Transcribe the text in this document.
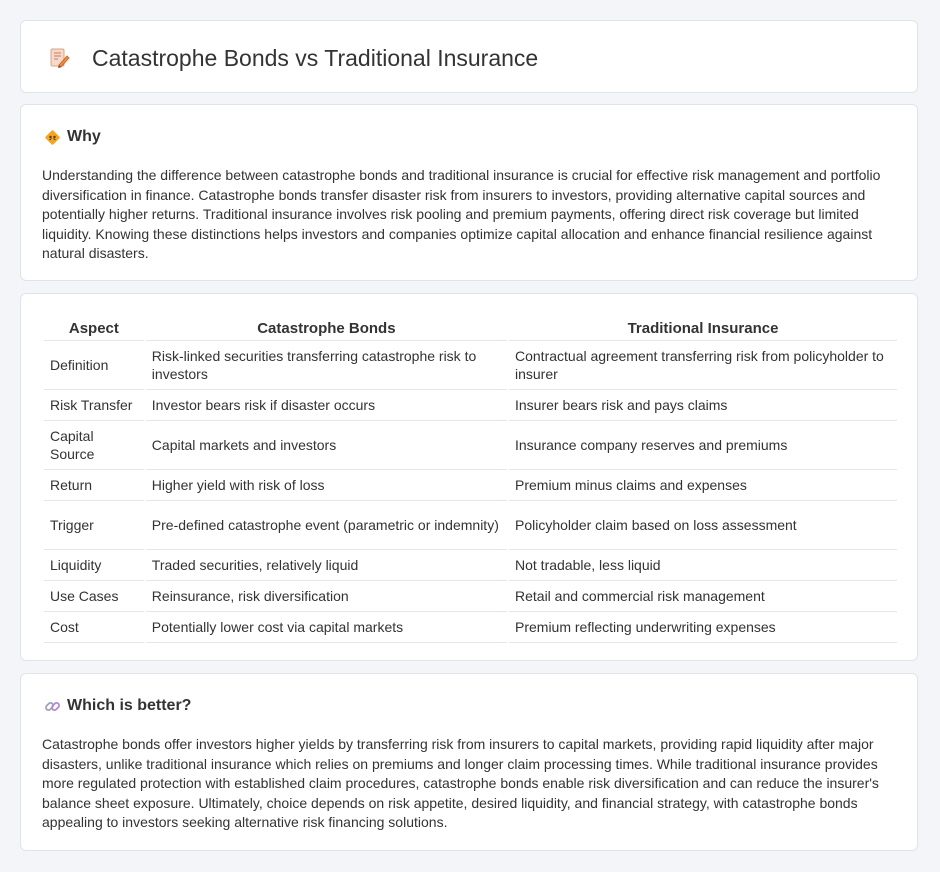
Catastrophe Bonds vs Traditional Insurance
Why

Understanding the difference between catastrophe bonds and traditional insurance is crucial for effective risk management and portfolio diversification in finance. Catastrophe bonds transfer disaster risk from insurers to investors, providing alternative capital sources and potentially higher returns. Traditional insurance involves risk pooling and premium payments, offering direct risk coverage but limited liquidity. Knowing these distinctions helps investors and companies optimize capital allocation and enhance financial resilience against natural disasters.

Aspect	Catastrophe Bonds	Traditional Insurance
Definition	Risk-linked securities transferring catastrophe risk to investors	Contractual agreement transferring risk from policyholder to insurer
Risk Transfer	Investor bears risk if disaster occurs	Insurer bears risk and pays claims
Capital Source	Capital markets and investors	Insurance company reserves and premiums
Return	Higher yield with risk of loss	Premium minus claims and expenses
Trigger	Pre-defined catastrophe event (parametric or indemnity)	Policyholder claim based on loss assessment
Liquidity	Traded securities, relatively liquid	Not tradable, less liquid
Use Cases	Reinsurance, risk diversification	Retail and commercial risk management
Cost	Potentially lower cost via capital markets	Premium reflecting underwriting expenses
Which is better?

Catastrophe bonds offer investors higher yields by transferring risk from insurers to capital markets, providing rapid liquidity after major disasters, unlike traditional insurance which relies on premiums and longer claim processing times. While traditional insurance provides more regulated protection with established claim procedures, catastrophe bonds enable risk diversification and can reduce the insurer's balance sheet exposure. Ultimately, choice depends on risk appetite, desired liquidity, and financial strategy, with catastrophe bonds appealing to investors seeking alternative risk financing solutions.
